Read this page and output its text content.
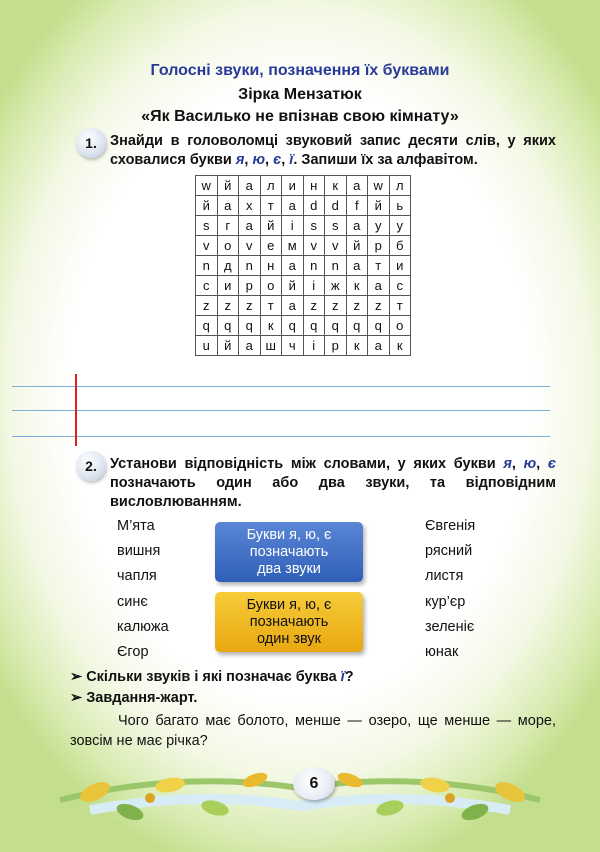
Голосні звуки, позначення їх буквами
Зірка Мензатюк
«Як Василько не впізнав свою кімнату»
1. Знайди в головоломці звуковий запис десяти слів, у яких сховалися букви я, ю, є, ї. Запиши їх за алфавітом.
w	й	а	л	и	н	к	а	w	л
й	а	х	т	а	d	d	f	й	ь
s	г	а	й	i	s	s	а	у	у
v	о	v	е	м	v	v	й	р	б
n	д	n	н	а	n	n	а	т	и
с	и	р	о	й	i	ж	к	а	с
z	z	z	т	а	z	z	z	z	т
q	q	q	к	q	q	q	q	q	о
u	й	а	ш	ч	i	р	к	а	к
2. Установи відповідність між словами, у яких букви я, ю, є позначають один або два звуки, та відповідним висловлюванням.
М’ята
вишня
чапля
синє
калюжа
Єгор
Букви я, ю, є
позначають
два звуки
Букви я, ю, є
позначають
один звук
Євгенія
рясний
листя
кур’єр
зеленіє
юнак
➢ Скільки звуків і які позначає буква ї?
➢ Завдання-жарт.
Чого багато має болото, менше — озеро, ще менше — море, зовсім не має річка?
6
